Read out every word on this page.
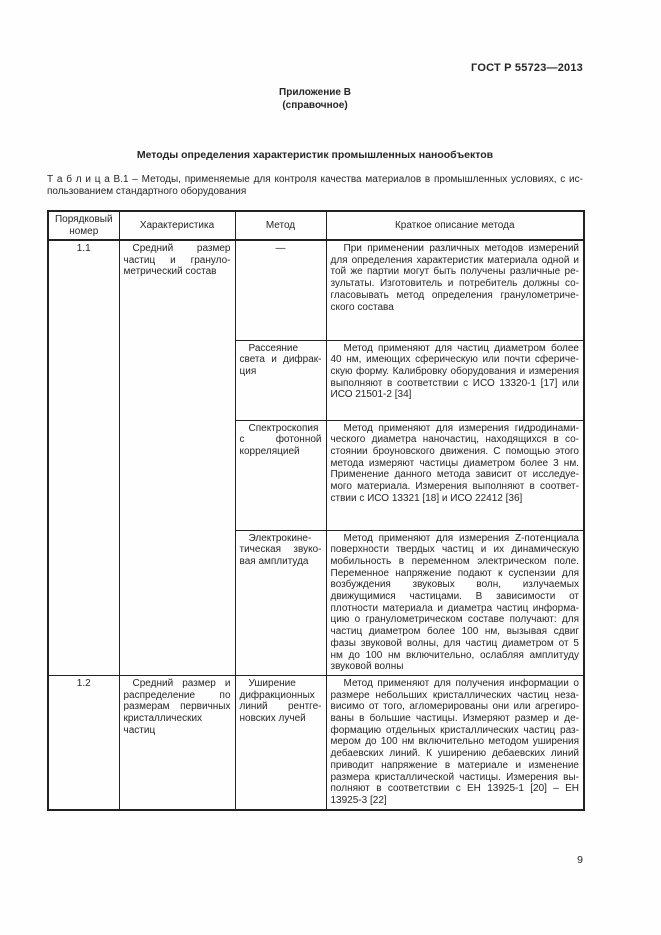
ГОСТ Р 55723—2013
Приложение В
(справочное)
Методы определения характеристик промышленных нанообъектов
Т а б л и ц а В.1 – Методы, применяемые для контроля качества материалов в промышленных условиях, с использованием стандартного оборудования
Порядковый номер	Характеристика	Метод	Краткое описание метода
1.1	Средний размер частиц и гранулометрический состав	—	При применении различных методов измерений для определения характеристик материала одной и той же партии могут быть получены различные результаты. Изготовитель и потребитель должны согласовывать метод определения гранулометрического состава
		Рассеяние света и дифракция	Метод применяют для частиц диаметром более 40 нм, имеющих сферическую или почти сферическую форму. Калибровку оборудования и измерения выполняют в соответствии с ИСО 13320-1 [17] или ИСО 21501-2 [34]
		Спектроскопия с фотонной корреляцией	Метод применяют для измерения гидродинамического диаметра наночастиц, находящихся в состоянии броуновского движения. С помощью этого метода измеряют частицы диаметром более 3 нм. Применение данного метода зависит от исследуемого материала. Измерения выполняют в соответствии с ИСО 13321 [18] и ИСО 22412 [36]
		Электрокинетическая звуковая амплитуда	Метод применяют для измерения Z-потенциала поверхности твердых частиц и их динамическую мобильность в переменном электрическом поле. Переменное напряжение подают к суспензии для возбуждения звуковых волн, излучаемых движущимися частицами. В зависимости от плотности материала и диаметра частиц информацию о гранулометрическом составе получают: для частиц диаметром более 100 нм, вызывая сдвиг фазы звуковой волны, для частиц диаметром от 5 нм до 100 нм включительно, ослабляя амплитуду звуковой волны
1.2	Средний размер и распределение по размерам первичных кристаллических частиц	Уширение дифракционных линий рентгеновских лучей	Метод применяют для получения информации о размере небольших кристаллических частиц независимо от того, агломерированы они или агрегированы в большие частицы. Измеряют размер и деформацию отдельных кристаллических частиц размером до 100 нм включительно методом уширения дебаевских линий. К уширению дебаевских линий приводит напряжение в материале и изменение размера кристаллической частицы. Измерения выполняют в соответствии с ЕН 13925-1 [20] – ЕН 13925-3 [22]
9
